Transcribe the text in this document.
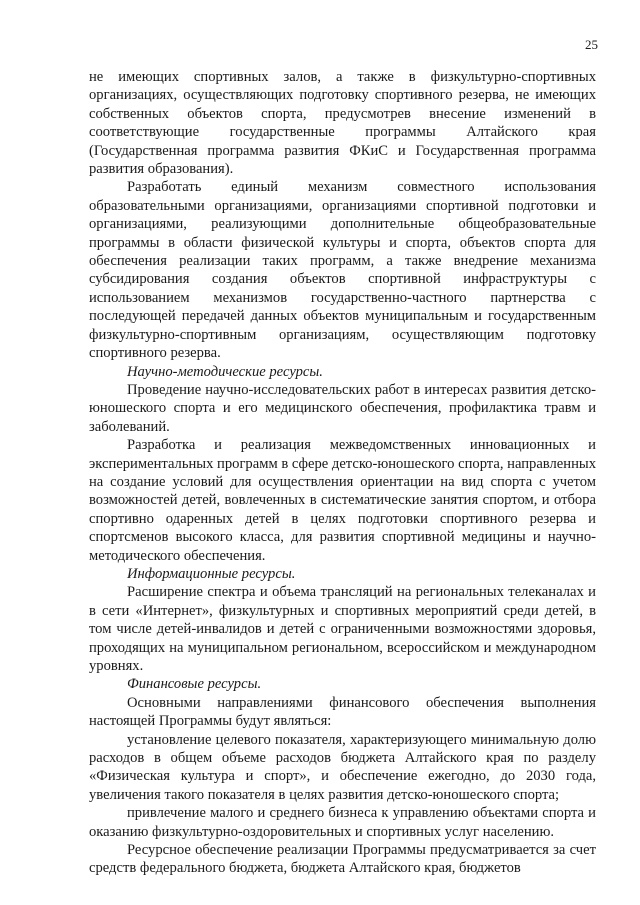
25

не имеющих спортивных залов, а также в физкультурно-спортивных организациях, осуществляющих подготовку спортивного резерва, не имеющих собственных объектов спорта, предусмотрев внесение изменений в соответствующие государственные программы Алтайского края (Государственная программа развития ФКиС и Государственная программа развития образования).

Разработать единый механизм совместного использования образовательными организациями, организациями спортивной подготовки и организациями, реализующими дополнительные общеобразовательные программы в области физической культуры и спорта, объектов спорта для обеспечения реализации таких программ, а также внедрение механизма субсидирования создания объектов спортивной инфраструктуры с использованием механизмов государственно-частного партнерства с последующей передачей данных объектов муниципальным и государственным физкультурно-спортивным организациям, осуществляющим подготовку спортивного резерва.

Научно-методические ресурсы.

Проведение научно-исследовательских работ в интересах развития детско-юношеского спорта и его медицинского обеспечения, профилактика травм и заболеваний.

Разработка и реализация межведомственных инновационных и экспериментальных программ в сфере детско-юношеского спорта, направленных на создание условий для осуществления ориентации на вид спорта с учетом возможностей детей, вовлеченных в систематические занятия спортом, и отбора спортивно одаренных детей в целях подготовки спортивного резерва и спортсменов высокого класса, для развития спортивной медицины и научно-методического обеспечения.

Информационные ресурсы.

Расширение спектра и объема трансляций на региональных телеканалах и в сети «Интернет», физкультурных и спортивных мероприятий среди детей, в том числе детей-инвалидов и детей с ограниченными возможностями здоровья, проходящих на муниципальном региональном, всероссийском и международном уровнях.

Финансовые ресурсы.

Основными направлениями финансового обеспечения выполнения настоящей Программы будут являться:

установление целевого показателя, характеризующего минимальную долю расходов в общем объеме расходов бюджета Алтайского края по разделу «Физическая культура и спорт», и обеспечение ежегодно, до 2030 года, увеличения такого показателя в целях развития детско-юношеского спорта;

привлечение малого и среднего бизнеса к управлению объектами спорта и оказанию физкультурно-оздоровительных и спортивных услуг населению.

Ресурсное обеспечение реализации Программы предусматривается за счет средств федерального бюджета, бюджета Алтайского края, бюджетов
